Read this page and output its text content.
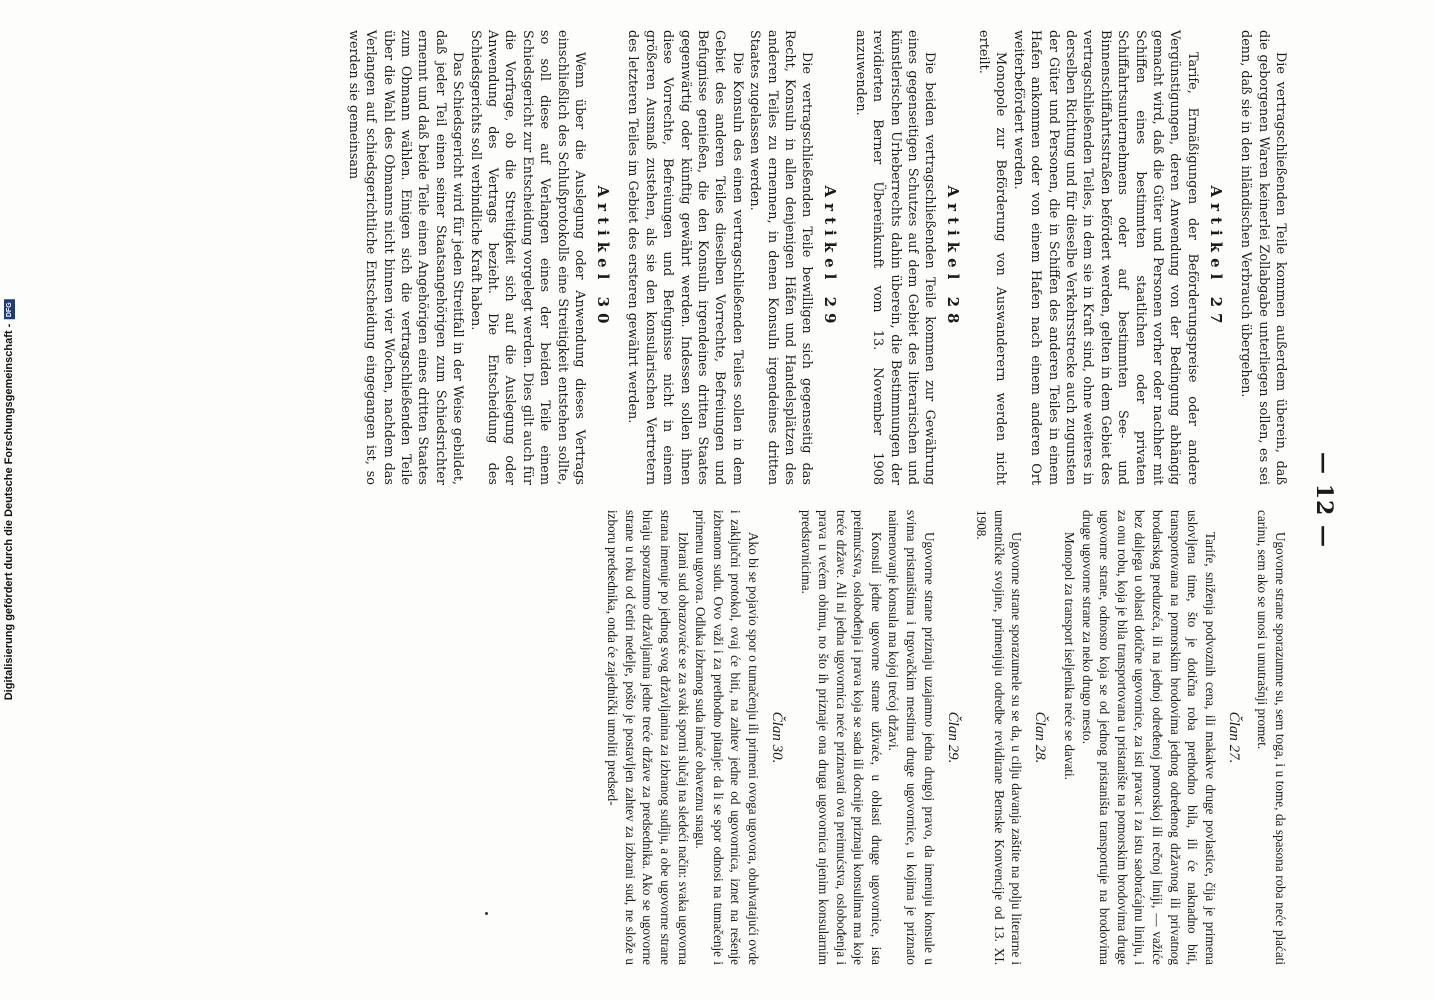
— 12 —

Die vertragschließenden Teile kommen außerdem überein, daß die geborgenen Waren keinerlei Zollabgabe unterliegen sollen, es sei denn, daß sie in den inländischen Verbrauch übergehen.

Artikel 27

Tarife, Ermäßigungen der Beförderungspreise oder andere Vergünstigungen, deren Anwendung von der Bedingung abhängig gemacht wird, daß die Güter und Personen vorher oder nachher mit Schiffen eines bestimmten staatlichen oder privaten Schiffahrtsunternehmens oder auf bestimmten See- und Binnenschiffahrtsstraßen befördert werden, gelten in dem Gebiet des vertragschließenden Teiles, in dem sie in Kraft sind, ohne weiteres in derselben Richtung und für dieselbe Verkehrsstrecke auch zugunsten der Güter und Personen, die in Schiffen des anderen Teiles in einem Hafen ankommen oder von einem Hafen nach einem anderen Ort weiterbefördert werden.

Monopole zur Beförderung von Auswanderern werden nicht erteilt.

Artikel 28

Die beiden vertragschließenden Teile kommen zur Gewährung eines gegenseitigen Schutzes auf dem Gebiet des literarischen und künstlerischen Urheberrechts dahin überein, die Bestimmungen der revidierten Berner Übereinkunft vom 13. November 1908 anzuwenden.

Artikel 29

Die vertragschließenden Teile bewilligen sich gegenseitig das Recht, Konsuln in allen denjenigen Häfen und Handelsplätzen des anderen Teiles zu ernennen, in denen Konsuln irgendeines dritten Staates zugelassen werden.

Die Konsuln des einen vertragschließenden Teiles sollen in dem Gebiet des anderen Teiles dieselben Vorrechte, Befreiungen und Befugnisse genießen, die den Konsuln irgendeines dritten Staates gegenwärtig oder künftig gewährt werden. Indessen sollen ihnen diese Vorrechte, Befreiungen und Befugnisse nicht in einem größeren Ausmaß zustehen, als sie den konsularischen Vertretern des letzteren Teiles im Gebiet des ersteren gewährt werden.

Artikel 30

Wenn über die Auslegung oder Anwendung dieses Vertrags einschließlich des Schlußprotokolls eine Streitigkeit entstehen sollte, so soll diese auf Verlangen eines der beiden Teile einem Schiedsgericht zur Entscheidung vorgelegt werden. Dies gilt auch für die Vorfrage, ob die Streitigkeit sich auf die Auslegung oder Anwendung des Vertrags bezieht. Die Entscheidung des Schiedsgerichts soll verbindliche Kraft haben.

Das Schiedsgericht wird für jeden Streitfall in der Weise gebildet, daß jeder Teil einen seiner Staatsangehörigen zum Schiedsrichter ernennt und daß beide Teile einen Angehörigen eines dritten Staates zum Obmann wählen. Einigen sich die vertragschließenden Teile über die Wahl des Obmanns nicht binnen vier Wochen, nachdem das Verlangen auf schiedsgerichtliche Entscheidung eingegangen ist, so werden sie gemeinsam

Ugovorne strane sporazumne su, sem toga, i u tome, da spasona roba neće plaćati carinu, sem ako se unosi u unutrašnji promet.

Član 27.

Tarife, sniženja podvoznih cena, ili makakve druge povlastice, čija je primena uslovljena time, što je dotična roba prethodno bila, ili će naknadno biti, transportovana na pomorskim brodovima jednog određenog državnog ili privatnog brodarskog preduzeća, ili na jednoj određenoj pomorskoj ili rečnoj liniji, — važiće bez daljega u oblasti dotične ugovornice, za isti pravac i za istu saobraćajnu liniju, i za onu robu, koja je bila transportovana u pristanište na pomorskim brodovima druge ugovorne strane, odnosno koja se od jednog pristaništa transportuje na brodovima druge ugovorne strane za neko drugo mesto.

Monopol za transport iseljenika neće se davati.

Član 28.

Ugovorne strane sporazumele su se da, u cilju davanja zaštite na polju literarne i umetničke svojine, primenjuju odredbe revidirane Bernske Konvencije od 13. XI. 1908.

Član 29.

Ugovorne strane priznaju uzajamno jedna drugoj pravo, da imenuju konsule u svima pristaništima i trgovačkim mestima druge ugovornice, u kojima je priznato naimenovanje konsula ma kojoj trećoj državi.

Konsuli jedne ugovorne strane uživaće, u oblasti druge ugovornice, ista preimućstva, oslobođenja i prava koja se sada ili docnije priznaju konsulima ma koje treće države. Ali ni jedna ugovornica neće priznavati ova preimućstva, oslobođenja i prava u većem obimu, no što ih priznaje ona druga ugovornica njenim konsularnim predstavnicima.

Član 30.

Ako bi se pojavio spor o tumačenju ili primeni ovoga ugovora, obuhvatajući ovde i zaključni protokol, ovaj će biti, na zahtev jedne od ugovornica, iznet na rešenje izbranom sudu. Ovo važi i za prethodno pitanje: da li se spor odnosi na tumačenje i primenu ugovora. Odluka izbranog suda imaće obaveznu snagu.

Izbrani sud obrazovaće se za svaki sporni slučaj na sledeći način: svaka ugovorna strana imenuje po jednog svog državljanina za izbranog sudiju, a obe ugovorne strane biraju sporazumno državljanina jedne treće države za predsednika. Ako se ugovorne strane u roku od četiri nedelje, pošto je postavljen zahtev za izbrani sud, ne slože u izboru predsednika, onda će zajednički umoliti predsed-

Digitalisierung gefördert durch die Deutsche Forschungsgemeinschaft -
DFG
